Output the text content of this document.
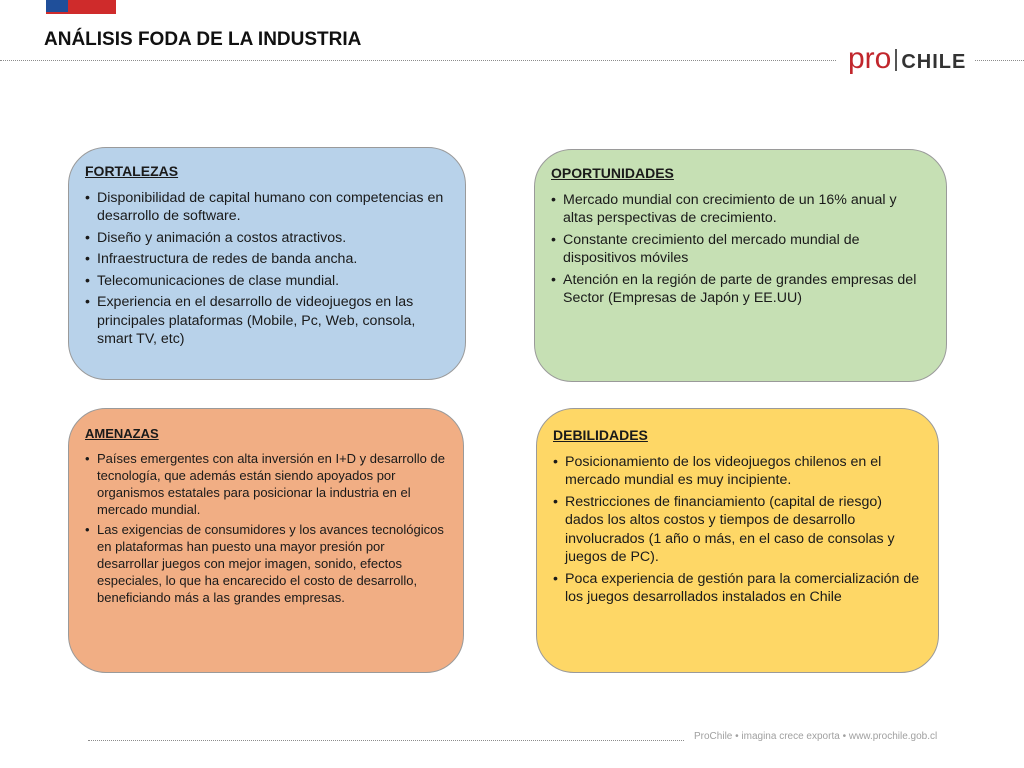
ANÁLISIS FODA DE LA INDUSTRIA
pro CHILE
FORTALEZAS
• Disponibilidad de capital humano con competencias en desarrollo de software.
• Diseño y animación a costos atractivos.
• Infraestructura de redes de banda ancha.
• Telecomunicaciones de clase mundial.
• Experiencia en el desarrollo de videojuegos en las principales plataformas (Mobile, Pc, Web, consola, smart TV, etc)
OPORTUNIDADES
• Mercado mundial con crecimiento de un 16% anual y altas perspectivas de crecimiento.
• Constante crecimiento del mercado mundial de dispositivos móviles
• Atención en la región de parte de grandes empresas del Sector (Empresas de Japón y EE.UU)
AMENAZAS
• Países emergentes con alta inversión en I+D y desarrollo de tecnología, que además están siendo apoyados por organismos estatales para posicionar la industria en el mercado mundial.
• Las exigencias de consumidores y los avances tecnológicos en plataformas han puesto una mayor presión por desarrollar juegos con mejor imagen, sonido, efectos especiales, lo que ha encarecido el costo de desarrollo, beneficiando más a las grandes empresas.
DEBILIDADES
• Posicionamiento de los videojuegos chilenos en el mercado mundial es muy incipiente.
• Restricciones de financiamiento (capital de riesgo) dados los altos costos y tiempos de desarrollo involucrados (1 año o más, en el caso de consolas y juegos de PC).
• Poca experiencia de gestión para la comercialización de los juegos desarrollados instalados en Chile
ProChile • imagina crece exporta • www.prochile.gob.cl
